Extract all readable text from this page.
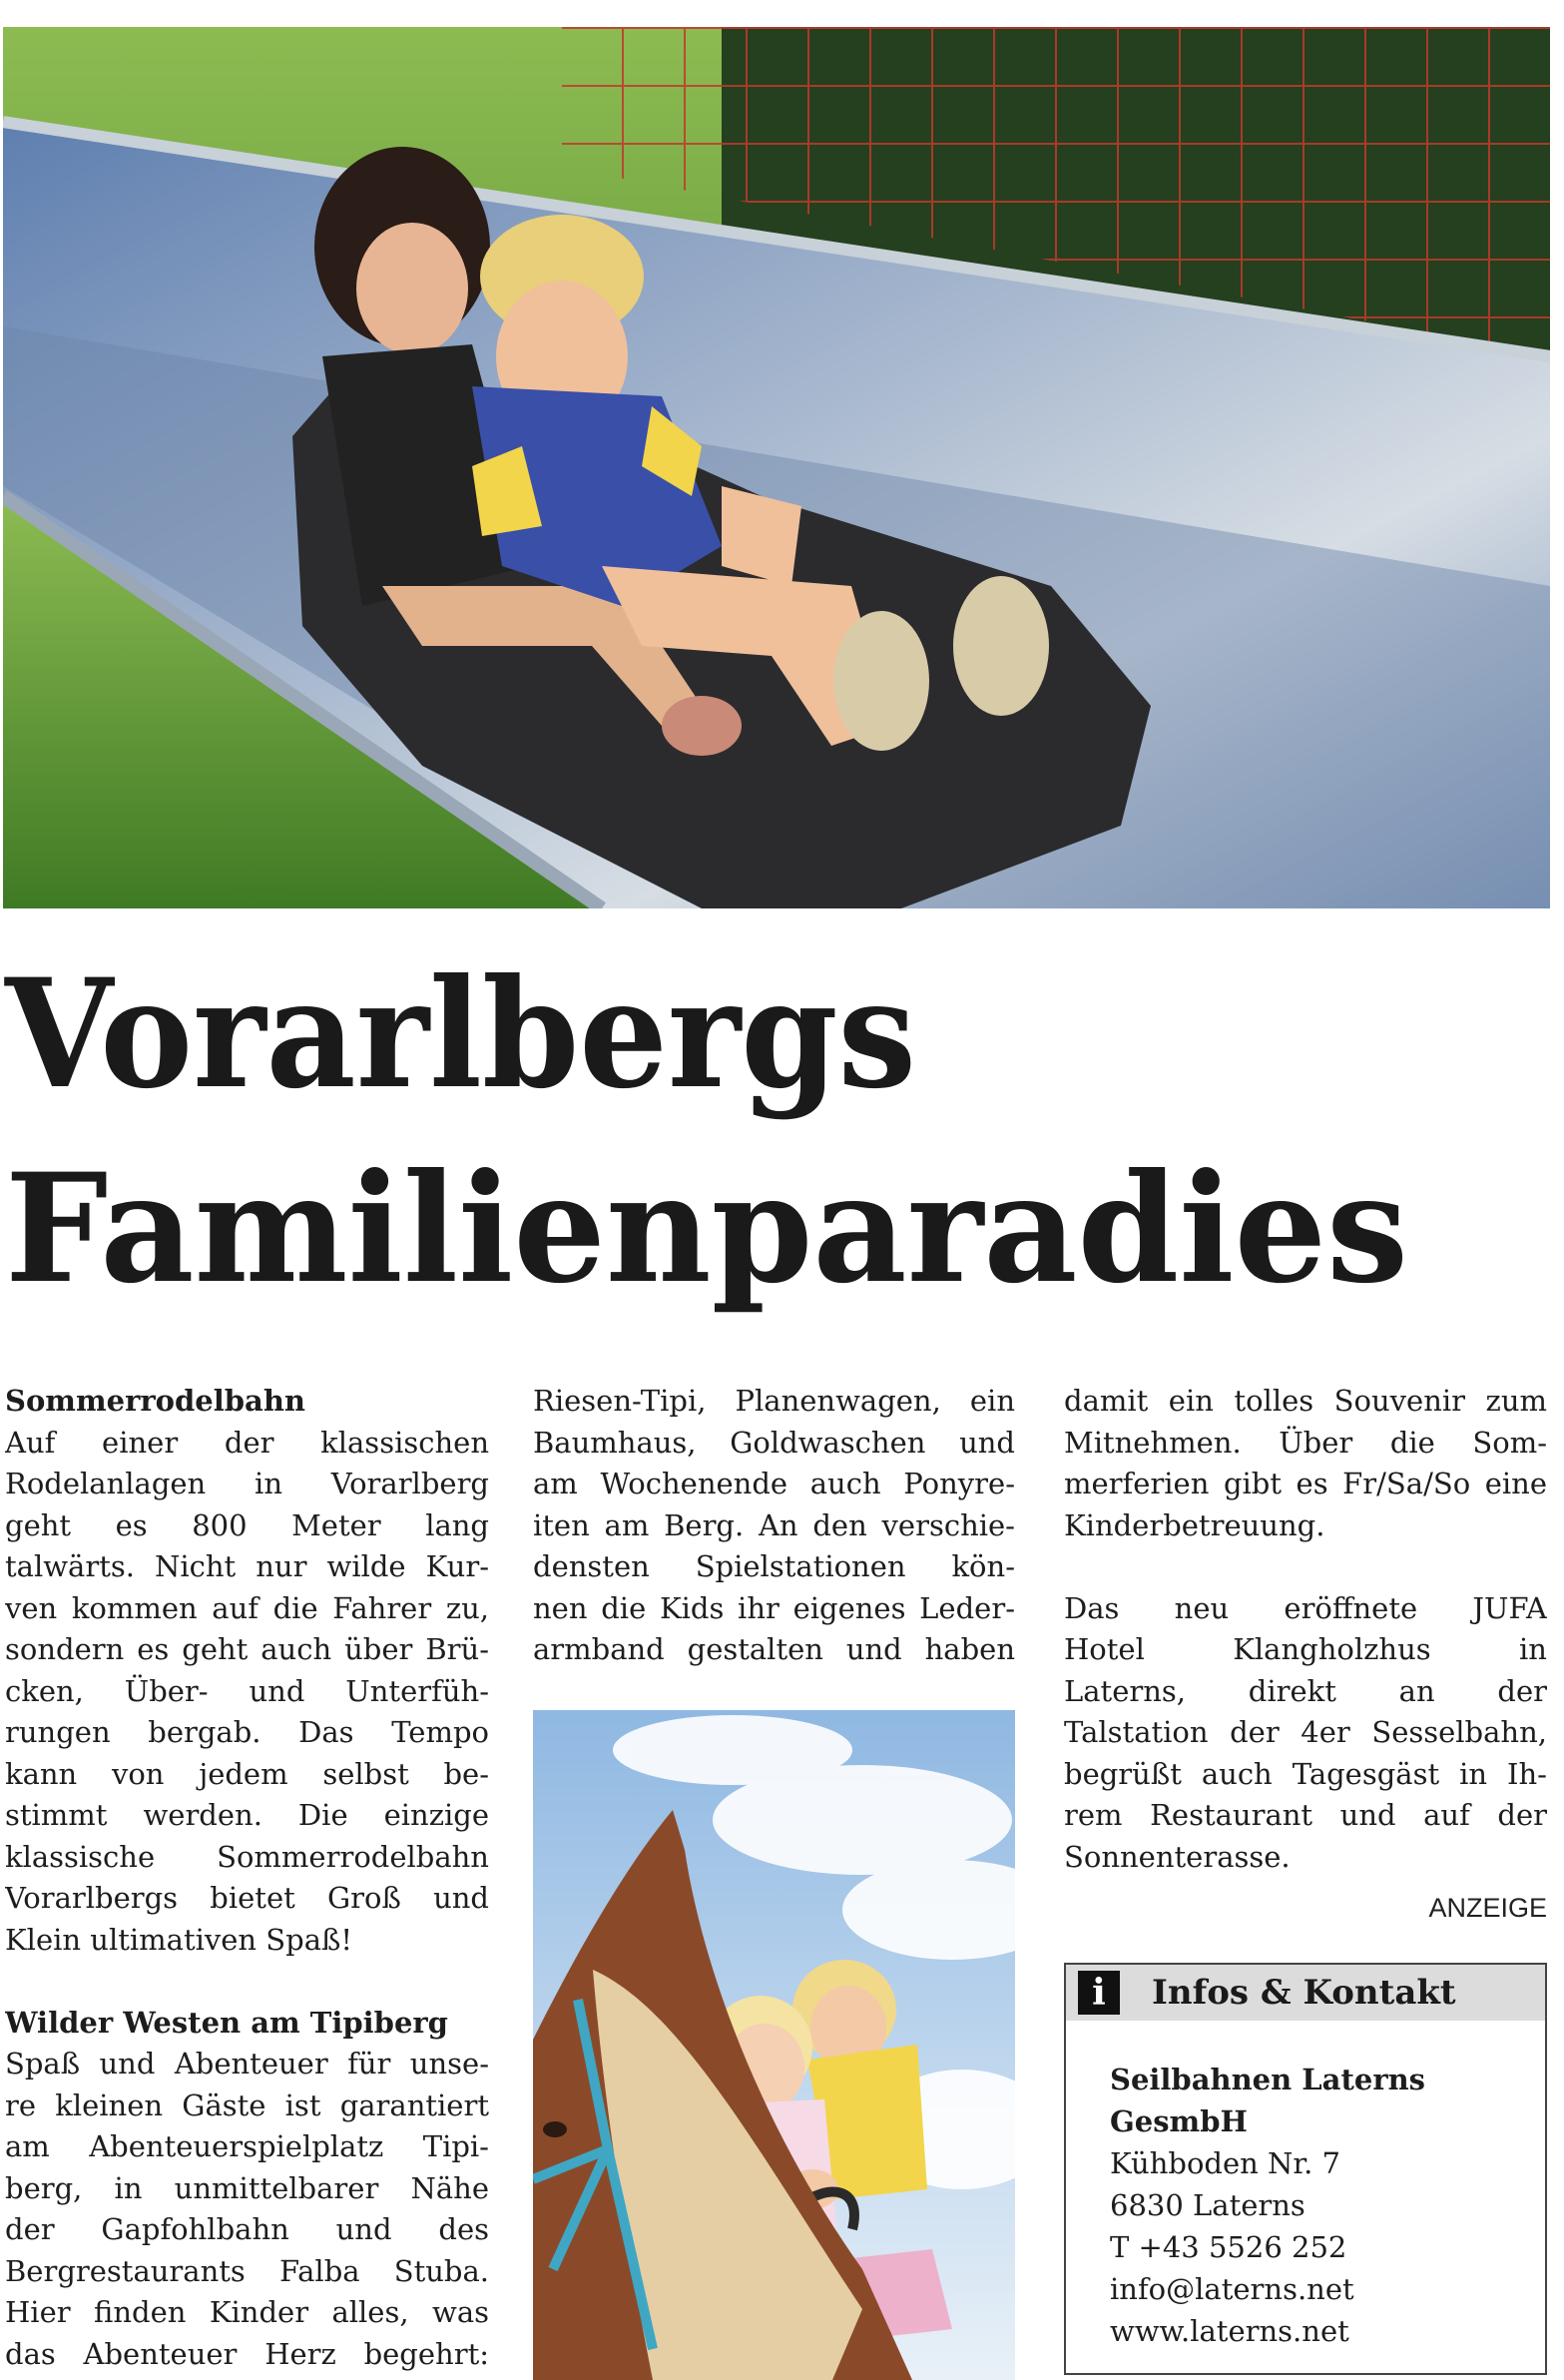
Vorarlbergs
Familienparadies
Sommerrodelbahn
Auf einer der klassischen
Rodelanlagen in Vorarlberg
geht es 800 Meter lang
talwärts. Nicht nur wilde Kur-
ven kommen auf die Fahrer zu,
sondern es geht auch über Brü-
cken, Über- und Unterfüh-
rungen bergab. Das Tempo
kann von jedem selbst be-
stimmt werden. Die einzige
klassische Sommerrodelbahn
Vorarlbergs bietet Groß und
Klein ultimativen Spaß!
Wilder Westen am Tipiberg
Spaß und Abenteuer für unse-
re kleinen Gäste ist garantiert
am Abenteuerspielplatz Tipi-
berg, in unmittelbarer Nähe
der Gapfohlbahn und des
Bergrestaurants Falba Stuba.
Hier finden Kinder alles, was
das Abenteuer Herz begehrt:
Riesen-Tipi, Planenwagen, ein
Baumhaus, Goldwaschen und
am Wochenende auch Ponyre-
iten am Berg. An den verschie-
densten Spielstationen kön-
nen die Kids ihr eigenes Leder-
armband gestalten und haben
damit ein tolles Souvenir zum
Mitnehmen. Über die Som-
merferien gibt es Fr/Sa/So eine
Kinderbetreuung.
Das neu eröffnete JUFA
Hotel Klangholzhus in
Laterns, direkt an der
Talstation der 4er Sesselbahn,
begrüßt auch Tagesgäst in Ih-
rem Restaurant und auf der
Sonnenterasse.
ANZEIGE
i	Infos & Kontakt
Seilbahnen Laterns
GesmbH
Kühboden Nr. 7
6830 Laterns
T +43 5526 252
info@laterns.net
www.laterns.net
